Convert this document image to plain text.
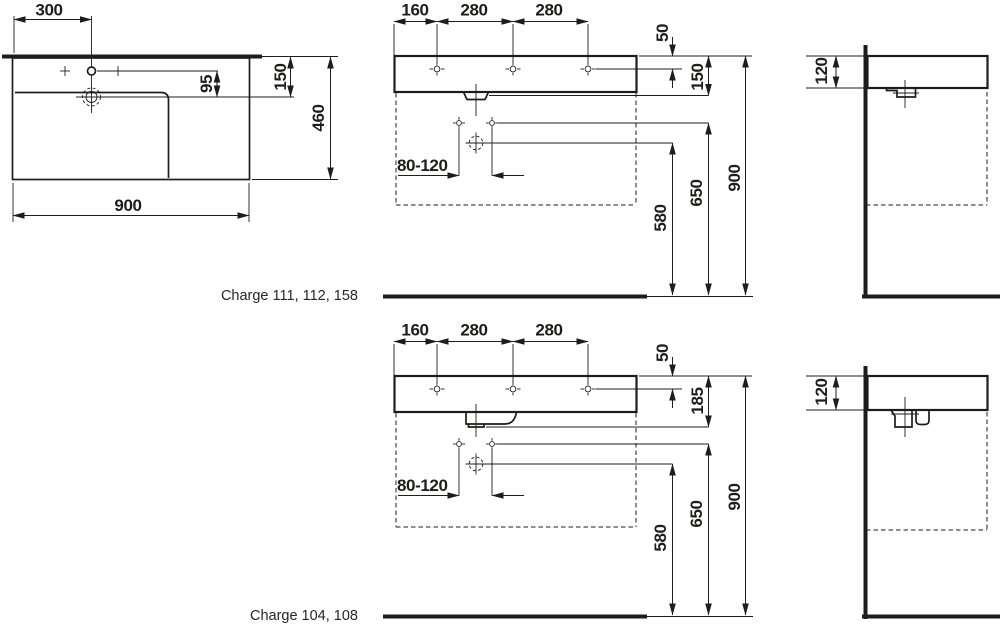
300
95	150
460
900
160 280	280
80-120
50
150
580
650
900
120
Charge 111, 112, 158
160 280	280
80-120
50
185
580
650
900
120
Charge 104, 108
